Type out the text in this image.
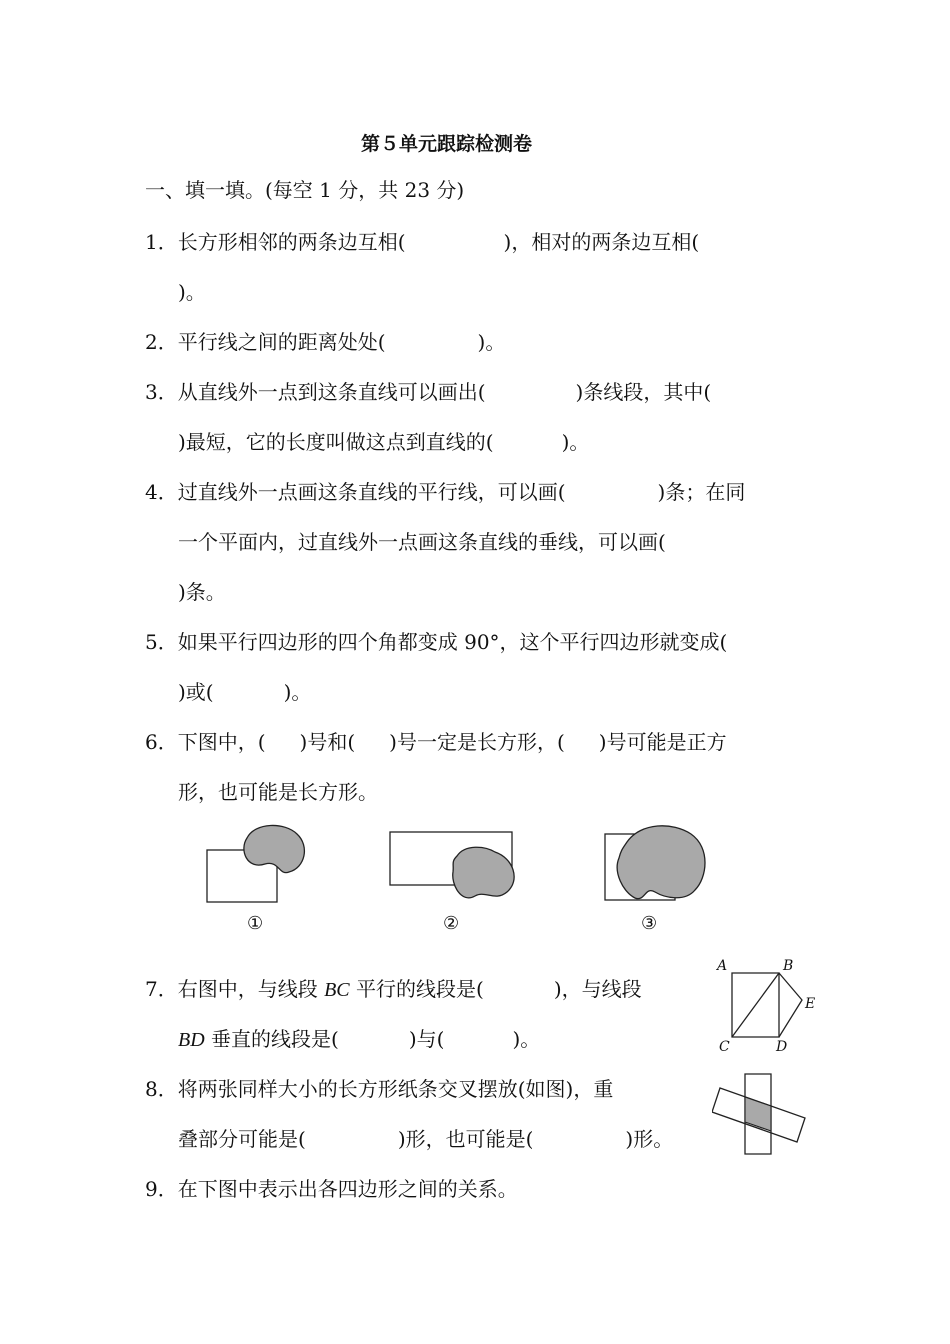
第５单元跟踪检测卷
一、填一填。(每空 1 分，共 23 分)
1．长方形相邻的两条边互相(	)，相对的两条边互相(
)。
2．平行线之间的距离处处(	)。
3．从直线外一点到这条直线可以画出(	)条线段，其中(
)最短，它的长度叫做这点到直线的(	)。
4．过直线外一点画这条直线的平行线，可以画(	)条；在同
一个平面内，过直线外一点画这条直线的垂线，可以画(
)条。
5．如果平行四边形的四个角都变成 90°，这个平行四边形就变成(
)或(	)。
6．下图中，( )号和( )号一定是长方形，( )号可能是正方
形，也可能是长方形。
①	②	③
7．右图中，与线段 BC 平行的线段是(	)，与线段
BD 垂直的线段是(	)与(	)。
A	B
C	D
E
8．将两张同样大小的长方形纸条交叉摆放(如图)，重
叠部分可能是(	)形，也可能是(	)形。
9．在下图中表示出各四边形之间的关系。
